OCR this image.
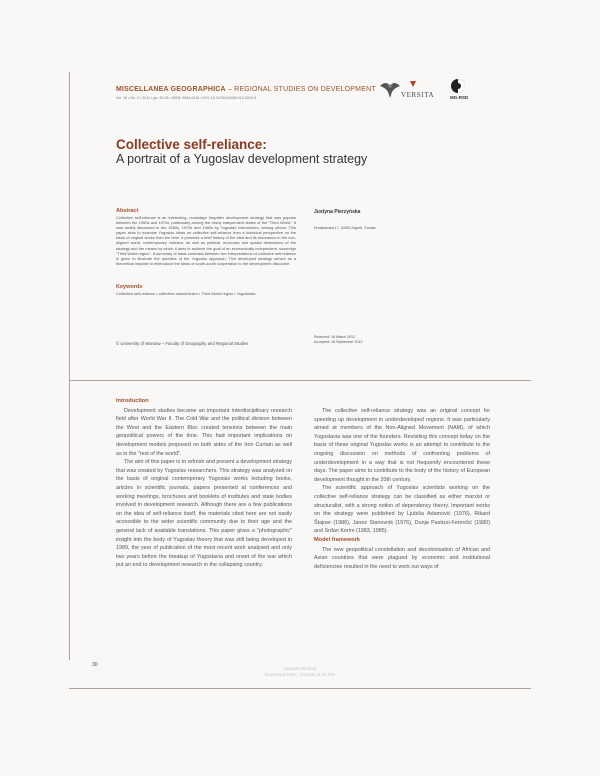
MISCELLANEA GEOGRAPHICA – REGIONAL STUDIES ON DEVELOPMENT
Vol. 16 • No. 2 • 2012 • pp. 30-35 • ISSN: 2084-6118 • DOI: 10.2478/v10288-012-0024-5	VERSITA	MG-RSD
Collective self-reliance:
A portrait of a Yugoslav development strategy
Abstract
Collective self-reliance is an interesting, nowadays forgotten development strategy that was popular between the 1950s and 1970s, particularly among the newly independent states of the "Third World". It was widely discussed in the 1960s, 1970s and 1980s by Yugoslav researchers, among others. This paper aims to examine Yugoslav ideas on collective self-reliance from a historical perspective on the basis of original works from the time. It presents a brief history of the idea and its resonance in the non-aligned world, contemporary criticism, as well as political, economic and spatial dimensions of the strategy and the means by which it aims to achieve the goal of an economically independent, sovereign "Third World region". A summary of basic contrasts between two interpretations of collective self-reliance is given to illustrate the specifics of the Yugoslav approach. This developed strategy serves as a theoretical impulse to reintroduce the ideas of south-south cooperation to the development discourse.
Keywords
Collective self-reliance • collective autocentrism • Third World region • Yugoslavia
Justyna Pierzyńska
Hrmaćanska 17, 10000 Zagreb, Croatia
© University of Warsaw – Faculty of Geography and Regional Studies
Received: 18 March 2012
Accepted: 18 September 2012

Introduction

Development studies became an important interdisciplinary research field after World War II. The Cold War and the political division between the West and the Eastern Bloc created tensions between the main geopolitical powers of the time. This had important implications on development models proposed on both sides of the Iron Curtain as well as in the "rest of the world".

The aim of this paper is to refresh and present a development strategy that was created by Yugoslav researchers. This strategy was analysed on the basis of original contemporary Yugoslav works including books, articles in scientific journals, papers presented at conferences and working meetings, brochures and booklets of institutes and state bodies involved in development research. Although there are a few publications on the idea of self-reliance itself, the materials cited here are not easily accessible to the wider scientific community due to their age and the general lack of available translations. This paper gives a "photographic" insight into the body of Yugoslav theory that was still being developed in 1989, the year of publication of the most recent work analysed and only two years before the breakup of Yugoslavia and onset of the war which put an end to development research in the collapsing country.

The collective self-reliance strategy was an original concept for speeding up development in underdeveloped regions. It was particularly aimed at members of the Non-Aligned Movement (NAM), of which Yugoslavia was one of the founders. Revisiting this concept today on the basis of these original Yugoslav works is an attempt to contribute to the ongoing discussion on methods of confronting problems of underdevelopment in a way that is not frequently encountered these days. The paper aims to contribute to the body of the history of European development thought in the 20th century.

The scientific approach of Yugoslav scientists working on the collective self-reliance strategy can be classified as either marxist or structuralist, with a strong notion of dependency theory. Important works on the strategy were published by Ljubiša Adamović (1976), Rikard Štajner (1986), Janez Stanovnik (1976), Dunja Pastizzi-Ferenčić (1980) and Srđan Kerim (1983, 1985).

Model framework

The new geopolitical constellation and decolonisation of African and Asian countries that were plagued by economic and institutional deficiencies resulted in the need to work out ways of

30
Unauthenticated
Download Date | 2/13/15 11:04 PM
